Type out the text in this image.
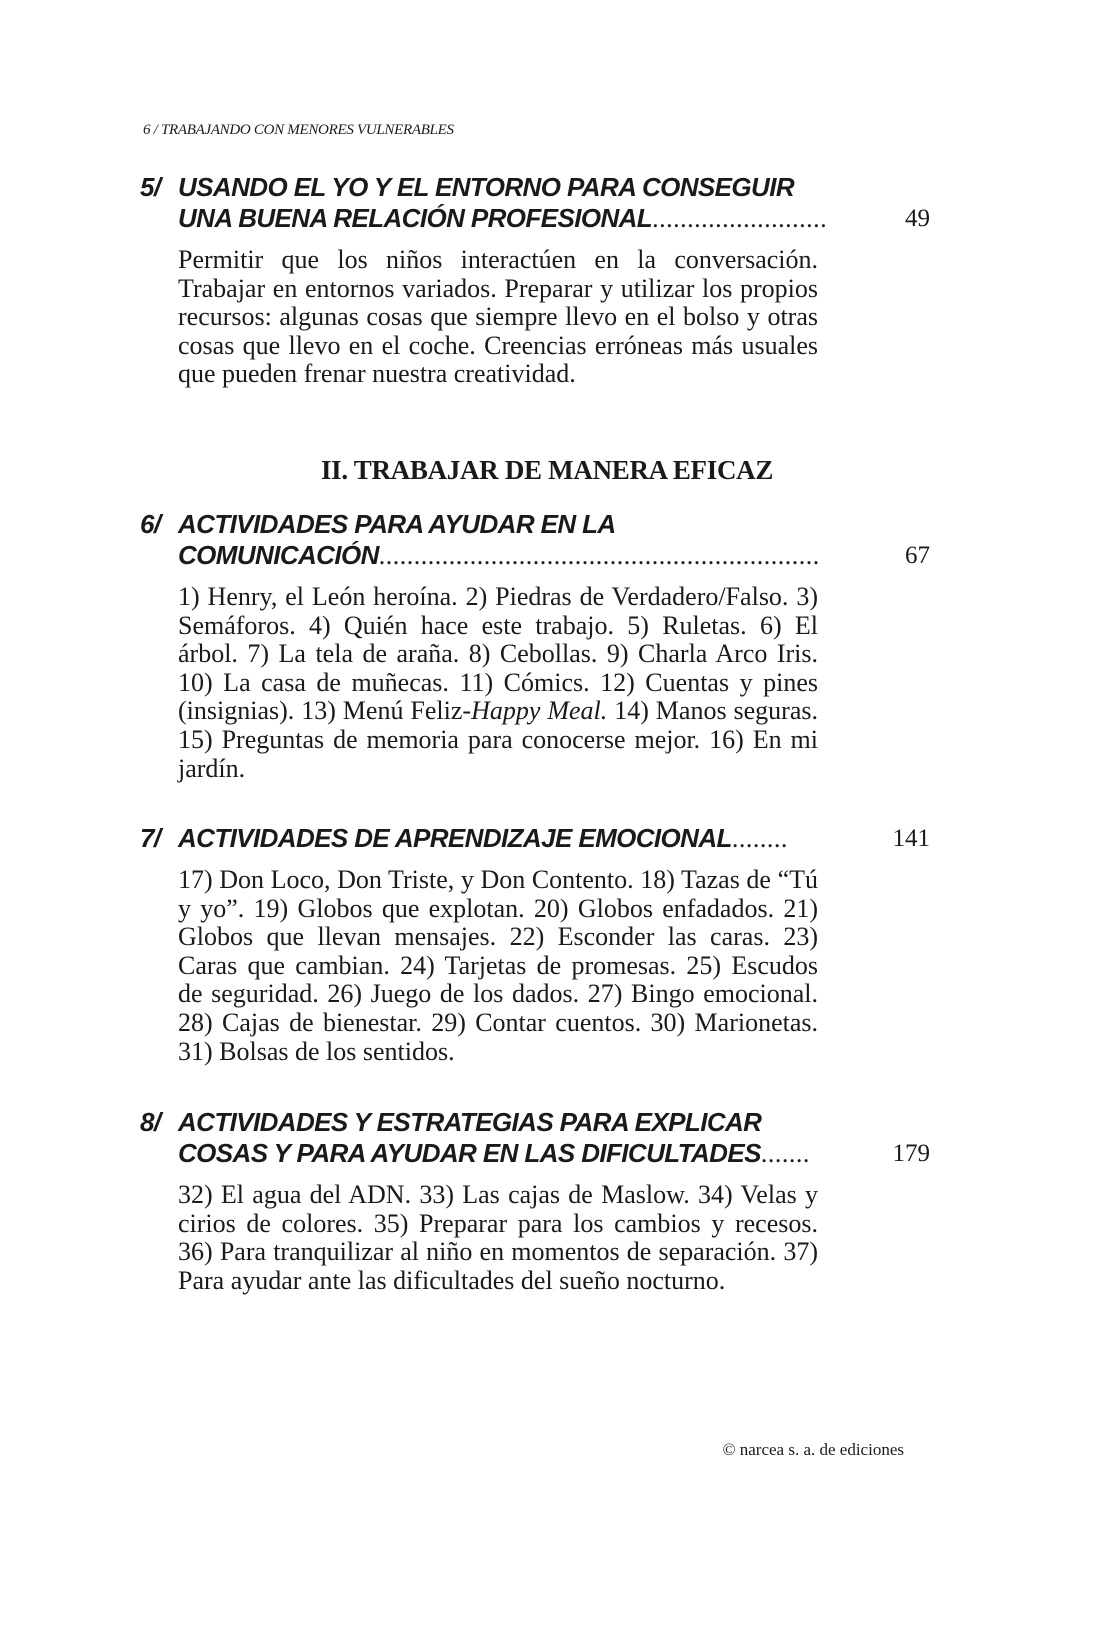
6 / TRABAJANDO CON MENORES VULNERABLES
5/ USANDO EL YO Y EL ENTORNO PARA CONSEGUIR
UNA BUENA RELACIÓN PROFESIONAL .........................	49

Permitir que los niños interactúen en la conversación. Trabajar en entornos variados. Preparar y utilizar los propios recursos: algunas cosas que siempre llevo en el bolso y otras cosas que llevo en el coche. Creencias erróneas más usuales que pueden frenar nuestra creatividad.

II. TRABAJAR DE MANERA EFICAZ
6/ ACTIVIDADES PARA AYUDAR EN LA
COMUNICACIÓN ...............................................................	67

1) Henry, el León heroína. 2) Piedras de Verdadero/Falso. 3) Semáforos. 4) Quién hace este trabajo. 5) Ruletas. 6) El árbol. 7) La tela de araña. 8) Cebollas. 9) Charla Arco Iris. 10) La casa de muñecas. 11) Cómics. 12) Cuentas y pines (insignias). 13) Menú Feliz-Happy Meal. 14) Manos seguras. 15) Preguntas de memoria para conocerse mejor. 16) En mi jardín.

7/ ACTIVIDADES DE APRENDIZAJE EMOCIONAL ........	141

17) Don Loco, Don Triste, y Don Contento. 18) Tazas de “Tú y yo”. 19) Globos que explotan. 20) Globos enfadados. 21) Globos que llevan mensajes. 22) Esconder las caras. 23) Caras que cambian. 24) Tarjetas de promesas. 25) Escudos de seguridad. 26) Juego de los dados. 27) Bingo emocional. 28) Cajas de bienestar. 29) Contar cuentos. 30) Marionetas. 31) Bolsas de los sentidos.

8/ ACTIVIDADES Y ESTRATEGIAS PARA EXPLICAR
COSAS Y PARA AYUDAR EN LAS DIFICULTADES .......	179

32) El agua del ADN. 33) Las cajas de Maslow. 34) Velas y cirios de colores. 35) Preparar para los cambios y recesos. 36) Para tranquilizar al niño en momentos de separación. 37) Para ayudar ante las dificultades del sueño nocturno.

© narcea s. a. de ediciones
